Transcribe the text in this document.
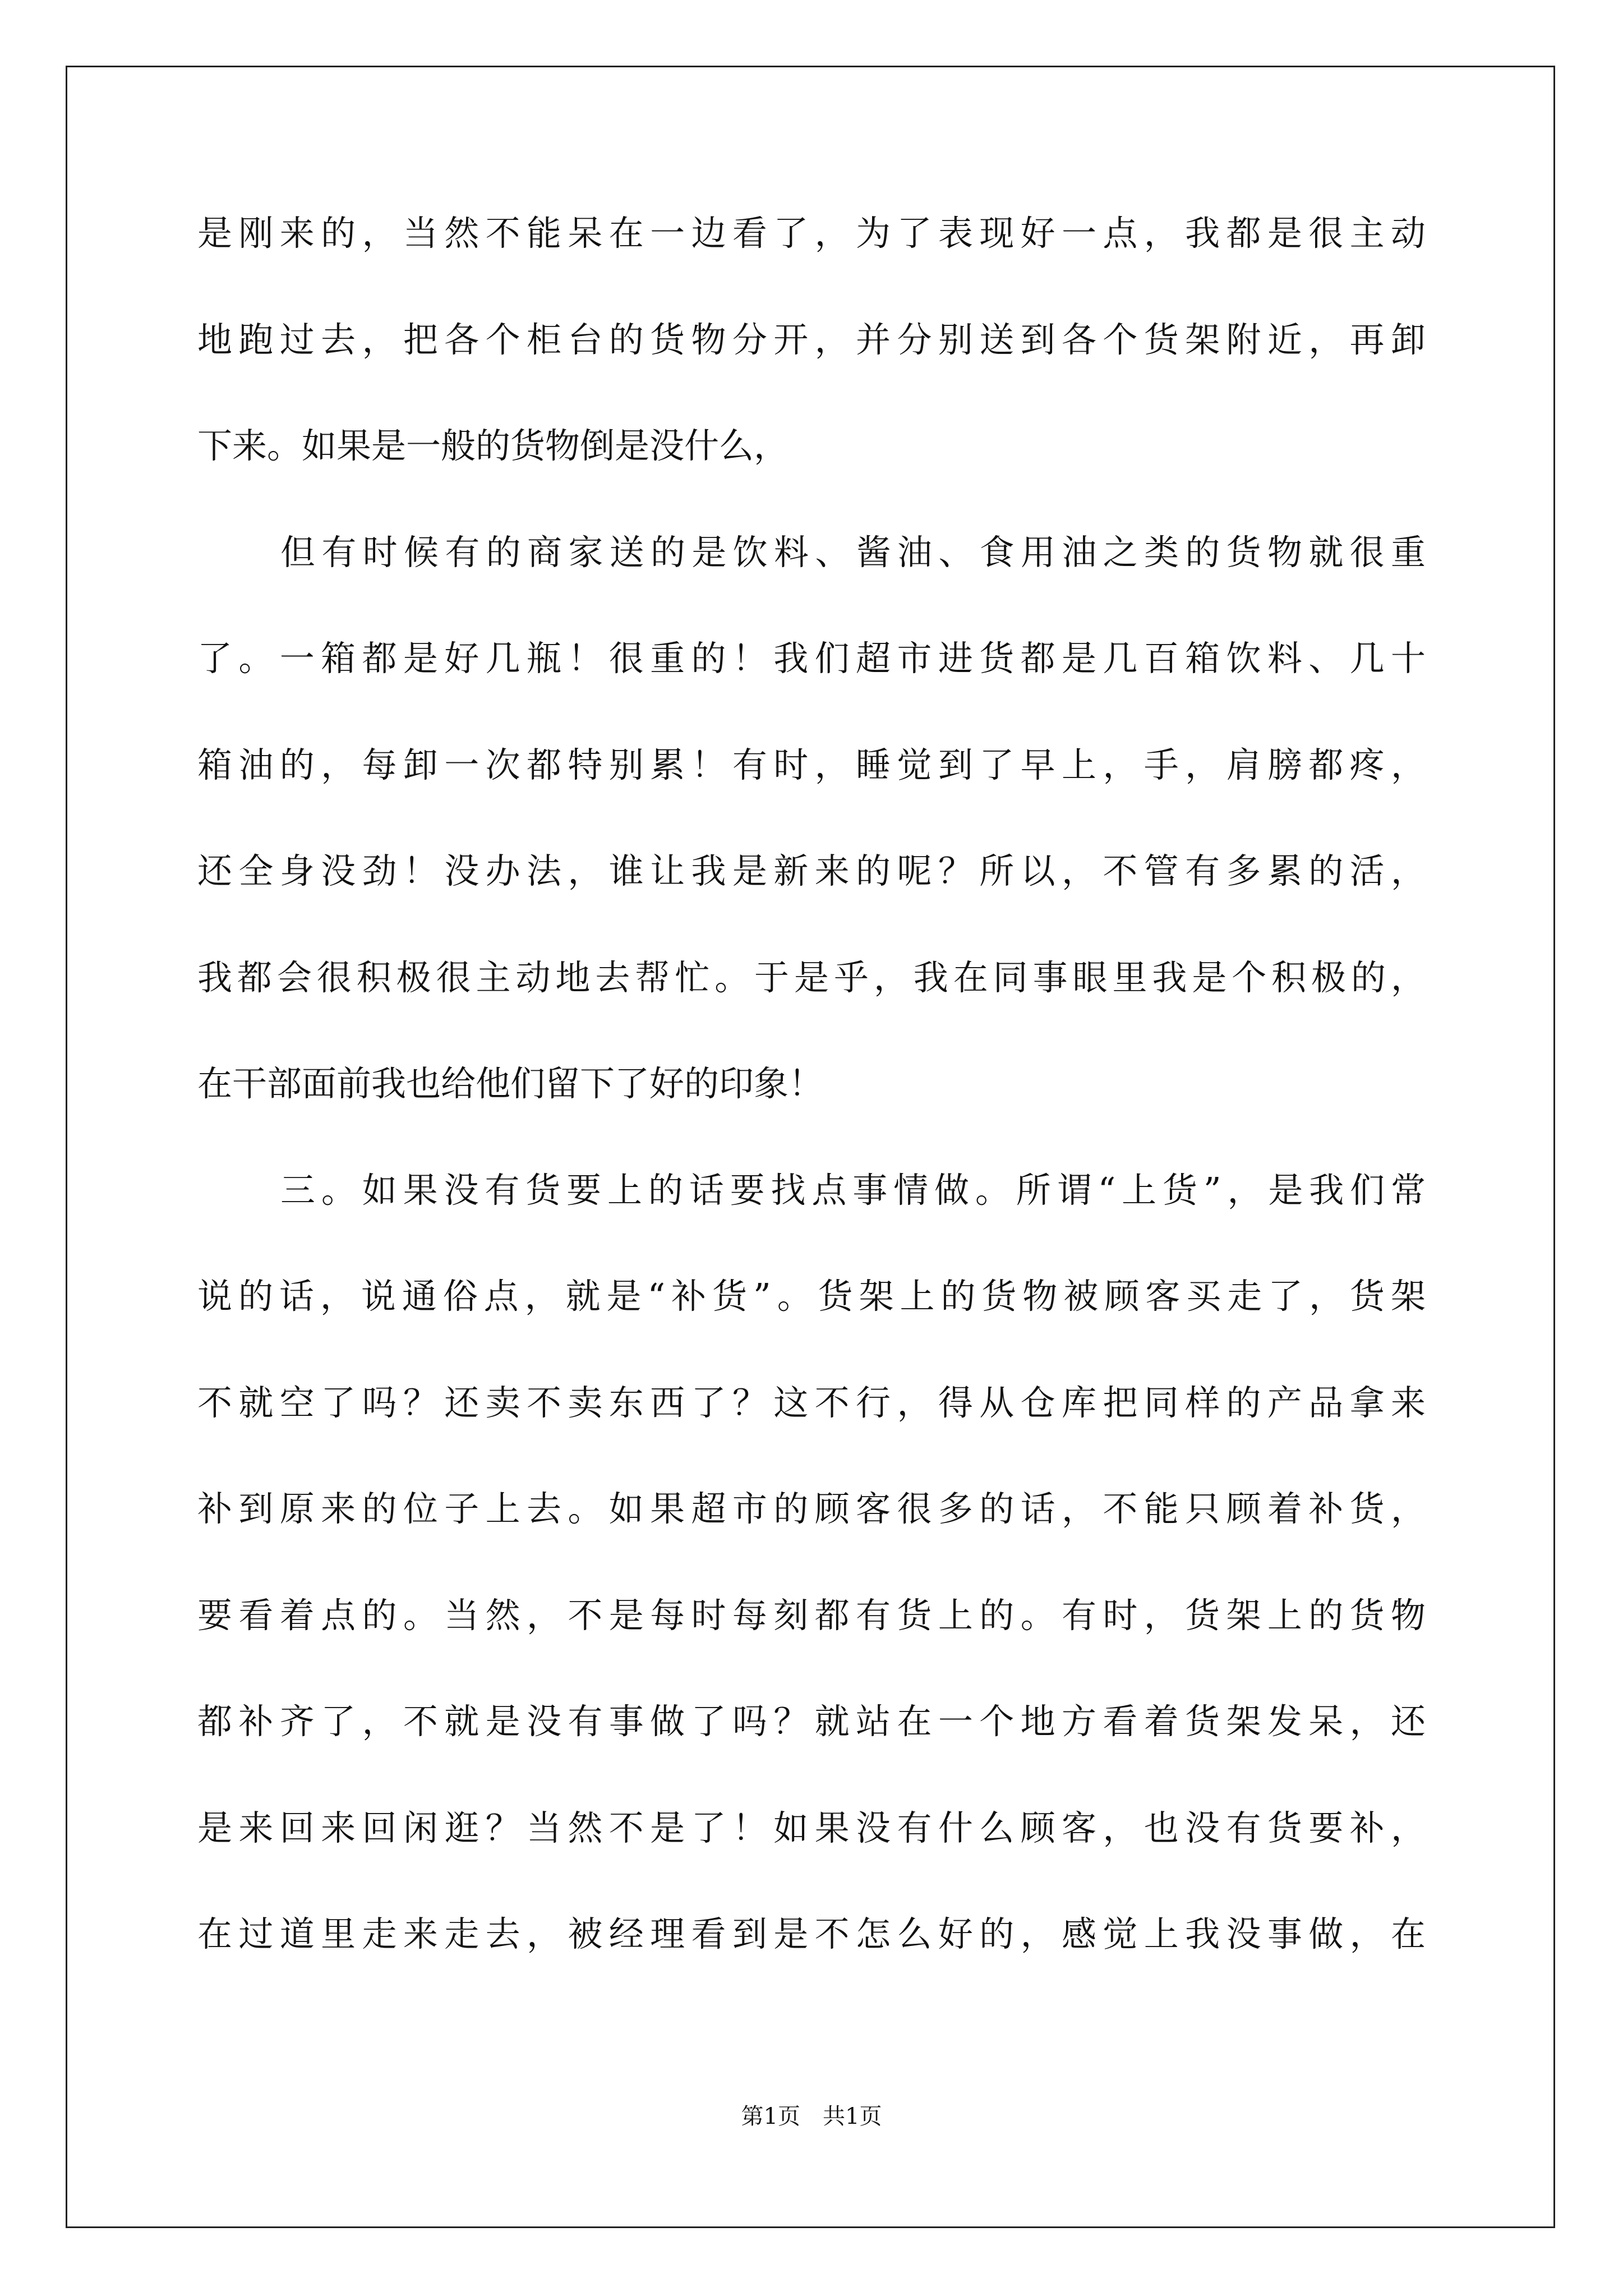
是刚来的，当然不能呆在一边看了，为了表现好一点，我都是很主动
地跑过去，把各个柜台的货物分开，并分别送到各个货架附近，再卸
下来。如果是一般的货物倒是没什么，
但有时候有的商家送的是饮料、酱油、食用油之类的货物就很重
了。一箱都是好几瓶！很重的！我们超市进货都是几百箱饮料、几十
箱油的，每卸一次都特别累！有时，睡觉到了早上，手，肩膀都疼，
还全身没劲！没办法，谁让我是新来的呢？所以，不管有多累的活，
我都会很积极很主动地去帮忙。于是乎，我在同事眼里我是个积极的，
在干部面前我也给他们留下了好的印象！
三。如果没有货要上的话要找点事情做。所谓“上货”，是我们常
说的话，说通俗点，就是“补货”。货架上的货物被顾客买走了，货架
不就空了吗？还卖不卖东西了？这不行，得从仓库把同样的产品拿来
补到原来的位子上去。如果超市的顾客很多的话，不能只顾着补货，
要看着点的。当然，不是每时每刻都有货上的。有时，货架上的货物
都补齐了，不就是没有事做了吗？就站在一个地方看着货架发呆，还
是来回来回闲逛？当然不是了！如果没有什么顾客，也没有货要补，
在过道里走来走去，被经理看到是不怎么好的，感觉上我没事做，在
第1页　共1页
